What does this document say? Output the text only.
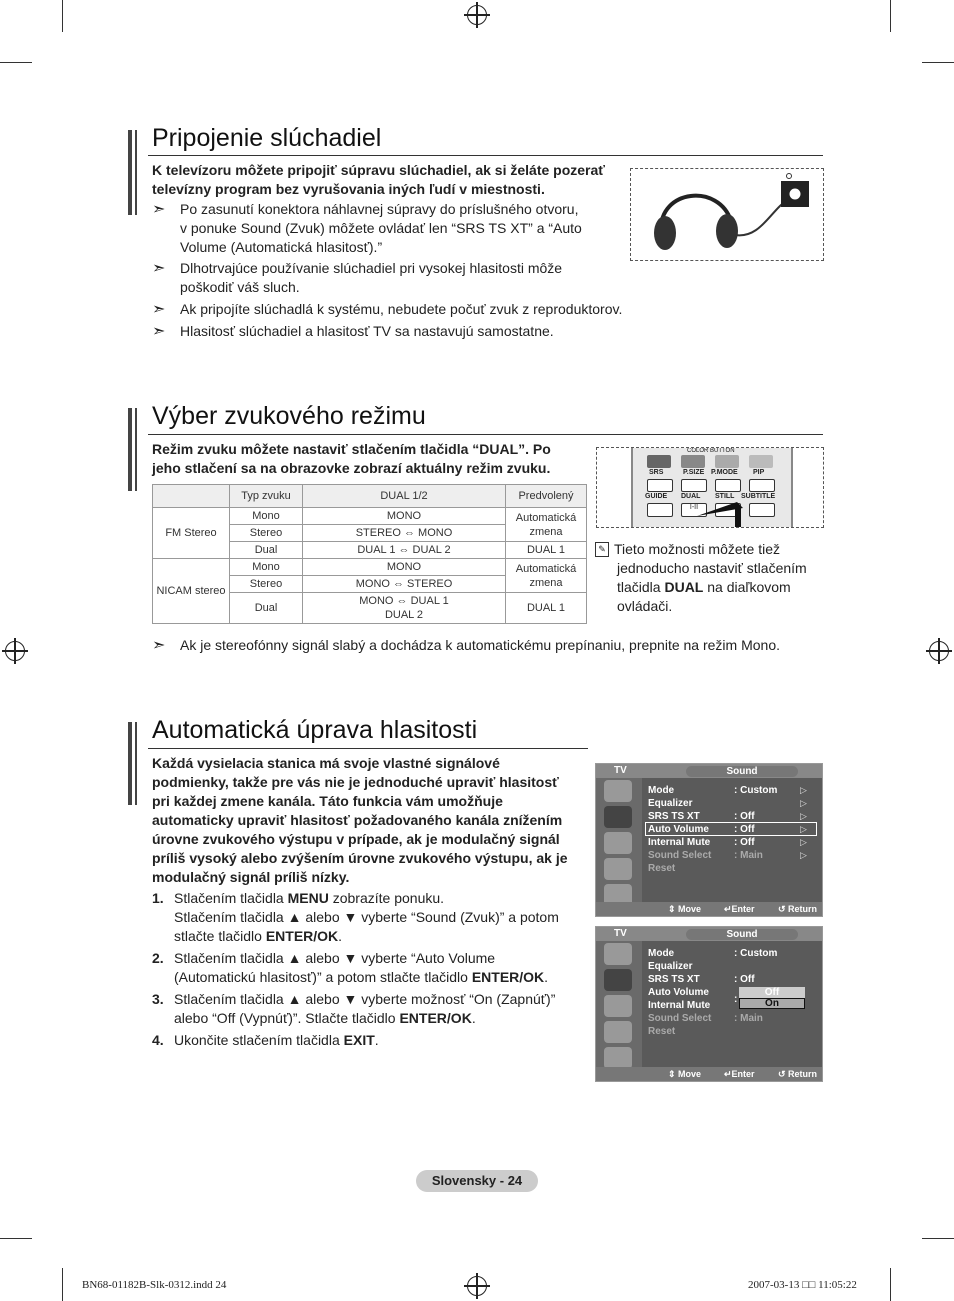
Pripojenie slúchadiel
K televízoru môžete pripojiť súpravu slúchadiel, ak si želáte pozerať
televízny program bez vyrušovania iných ľudí v miestnosti.
➣ Po zasunutí konektora náhlavnej súpravy do príslušného otvoru,
v ponuke Sound (Zvuk) môžete ovládať len “SRS TS XT” a “Auto
Volume (Automatická hlasitosť).”
➣ Dlhotrvajúce používanie slúchadiel pri vysokej hlasitosti môže
poškodiť váš sluch.
➣ Ak pripojíte slúchadlá k systému, nebudete počuť zvuk z reproduktorov.
➣ Hlasitosť slúchadiel a hlasitosť TV sa nastavujú samostatne.
Výber zvukového režimu
Režim zvuku môžete nastaviť stlačením tlačidla “DUAL”. Po
jeho stlačení sa na obrazovke zobrazí aktuálny režim zvuku.
	Typ zvuku	DUAL 1/2	Predvolený
FM Stereo	Mono	MONO	Automatická
zmena

	Stereo	STEREO ⇔ MONO	
	Dual	DUAL 1 ⇔ DUAL 2	DUAL 1
NICAM stereo	Mono	MONO	Automatická
zmena

	Stereo	MONO ⇔ STEREO	
	Dual	MONO ⇔ DUAL 1
DUAL 2	DUAL 1
COLOR BUTTON
SRS	P.SIZE P.MODE PIP
GUIDE DUAL STILL SUBTITLE
I-II
✎ Tieto možnosti môžete tiež
jednoducho nastaviť stlačením
tlačidla DUAL na diaľkovom
ovládači.
➣ Ak je stereofónny signál slabý a dochádza k automatickému prepínaniu, prepnite na režim Mono.
Automatická úprava hlasitosti
Každá vysielacia stanica má svoje vlastné signálové
podmienky, takže pre vás nie je jednoduché upraviť hlasitosť
pri každej zmene kanála. Táto funkcia vám umožňuje
automaticky upraviť hlasitosť požadovaného kanála znížením
úrovne zvukového výstupu v prípade, ak je modulačný signál
príliš vysoký alebo zvýšením úrovne zvukového výstupu, ak je
modulačný signál príliš nízky.
1. Stlačením tlačidla MENU zobrazíte ponuku.
Stlačením tlačidla ▲ alebo ▼ vyberte “Sound (Zvuk)” a potom
stlačte tlačidlo ENTER/OK.
2. Stlačením tlačidla ▲ alebo ▼ vyberte “Auto Volume
(Automatickú hlasitosť)” a potom stlačte tlačidlo ENTER/OK.
3. Stlačením tlačidla ▲ alebo ▼ vyberte možnosť “On (Zapnúť)”
alebo “Off (Vypnúť)”. Stlačte tlačidlo ENTER/OK.
4. Ukončite stlačením tlačidla EXIT.
TV	Sound
Mode
Equalizer
SRS TS XT
Auto Volume
Internal Mute
Sound Select
Reset
: Custom
: Off
: Off
: Off
: Main
▷
▷
▷
▷
▷
▷
⇕ Move	↵Enter	↺ Return
TV	Sound
Mode
Equalizer
SRS TS XT
Auto Volume
Internal Mute
Sound Select
Reset
: Custom
: Off
:
: Main
Off
On
⇕ Move	↵Enter	↺ Return
Slovensky - 24
BN68-01182B-Slk-0312.indd 24	2007-03-13 □□ 11:05:22
